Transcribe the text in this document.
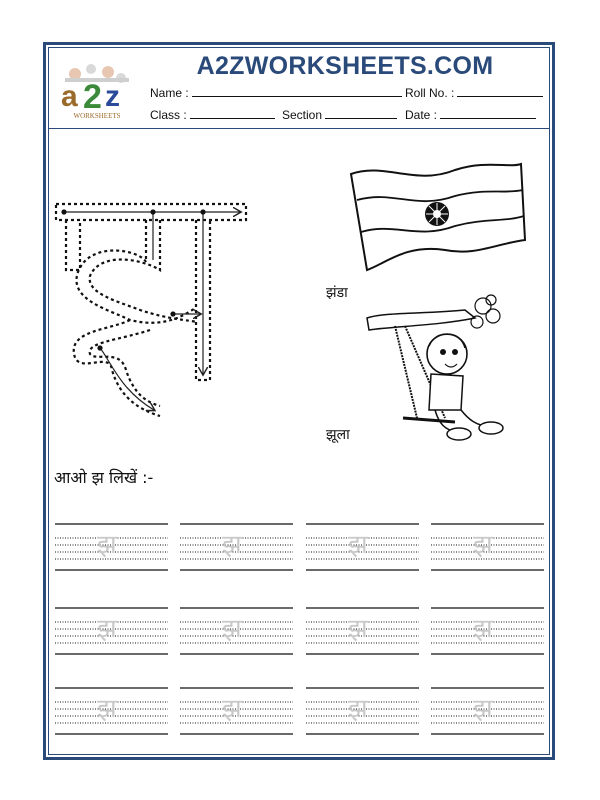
a 2 z
WORKSHEETS
A2ZWORKSHEETS.COM
Name :	Roll No. :
Class :	Section	Date :
झंडा
झूला
आओ झ लिखें :-
झ	झ	झ	झ
झ	झ	झ	झ
झ	झ	झ	झ
